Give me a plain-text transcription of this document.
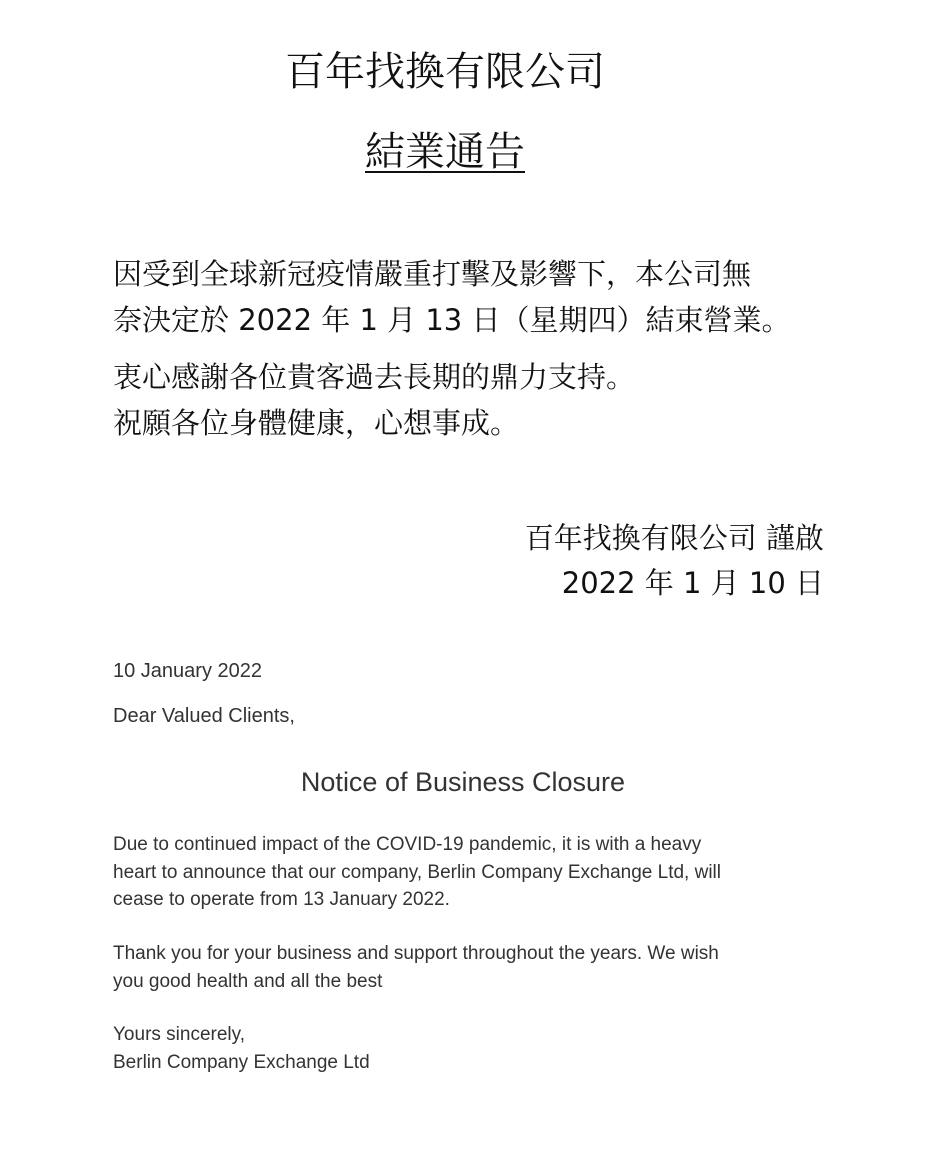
百年找換有限公司
結業通告
因受到全球新冠疫情嚴重打擊及影響下，本公司無
奈決定於 2022 年 1 月 13 日（星期四）結束營業。
衷心感謝各位貴客過去長期的鼎力支持。
祝願各位身體健康，心想事成。
百年找換有限公司 謹啟
2022 年 1 月 10 日
10 January 2022
Dear Valued Clients,
Notice of Business Closure
Due to continued impact of the COVID-19 pandemic, it is with a heavy
heart to announce that our company, Berlin Company Exchange Ltd, will
cease to operate from 13 January 2022.
Thank you for your business and support throughout the years. We wish
you good health and all the best
Yours sincerely,
Berlin Company Exchange Ltd
